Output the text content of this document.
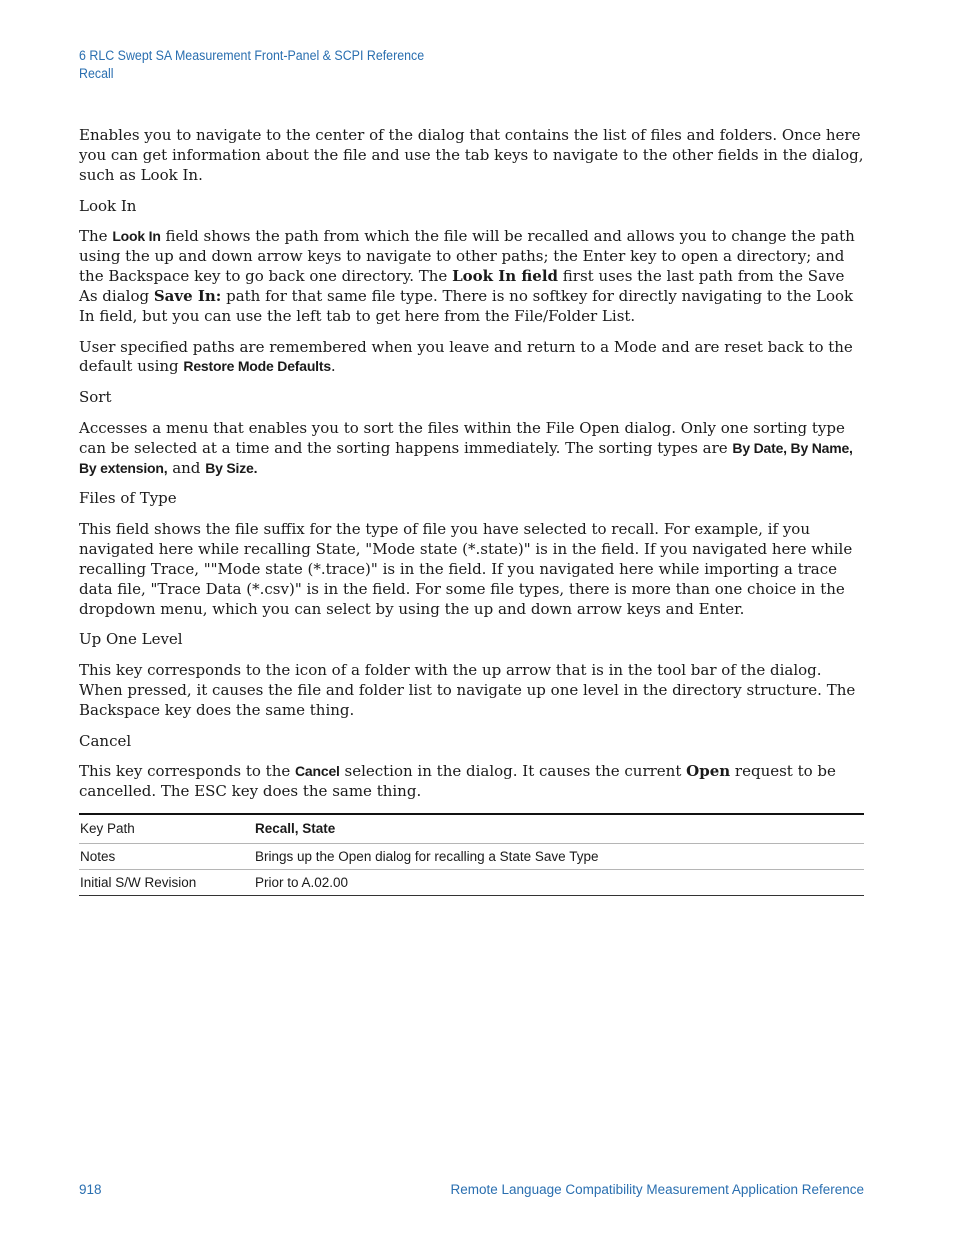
6 RLC Swept SA Measurement Front-Panel & SCPI Reference
Recall

Enables you to navigate to the center of the dialog that contains the list of files and folders. Once here you can get information about the file and use the tab keys to navigate to the other fields in the dialog, such as Look In.

Look In

The Look In field shows the path from which the file will be recalled and allows you to change the path using the up and down arrow keys to navigate to other paths; the Enter key to open a directory; and the Backspace key to go back one directory. The Look In field first uses the last path from the Save As dialog Save In: path for that same file type. There is no softkey for directly navigating to the Look In field, but you can use the left tab to get here from the File/Folder List.

User specified paths are remembered when you leave and return to a Mode and are reset back to the default using Restore Mode Defaults.

Sort

Accesses a menu that enables you to sort the files within the File Open dialog. Only one sorting type can be selected at a time and the sorting happens immediately. The sorting types are By Date, By Name, By extension, and By Size.

Files of Type

This field shows the file suffix for the type of file you have selected to recall. For example, if you navigated here while recalling State, "Mode state (*.state)" is in the field. If you navigated here while recalling Trace, ""Mode state (*.trace)" is in the field. If you navigated here while importing a trace data file, "Trace Data (*.csv)" is in the field. For some file types, there is more than one choice in the dropdown menu, which you can select by using the up and down arrow keys and Enter.

Up One Level

This key corresponds to the icon of a folder with the up arrow that is in the tool bar of the dialog. When pressed, it causes the file and folder list to navigate up one level in the directory structure. The Backspace key does the same thing.

Cancel

This key corresponds to the Cancel selection in the dialog. It causes the current Open request to be cancelled. The ESC key does the same thing.

Key Path	Recall, State
Notes	Brings up the Open dialog for recalling a State Save Type
Initial S/W Revision	Prior to A.02.00
918	Remote Language Compatibility Measurement Application Reference
